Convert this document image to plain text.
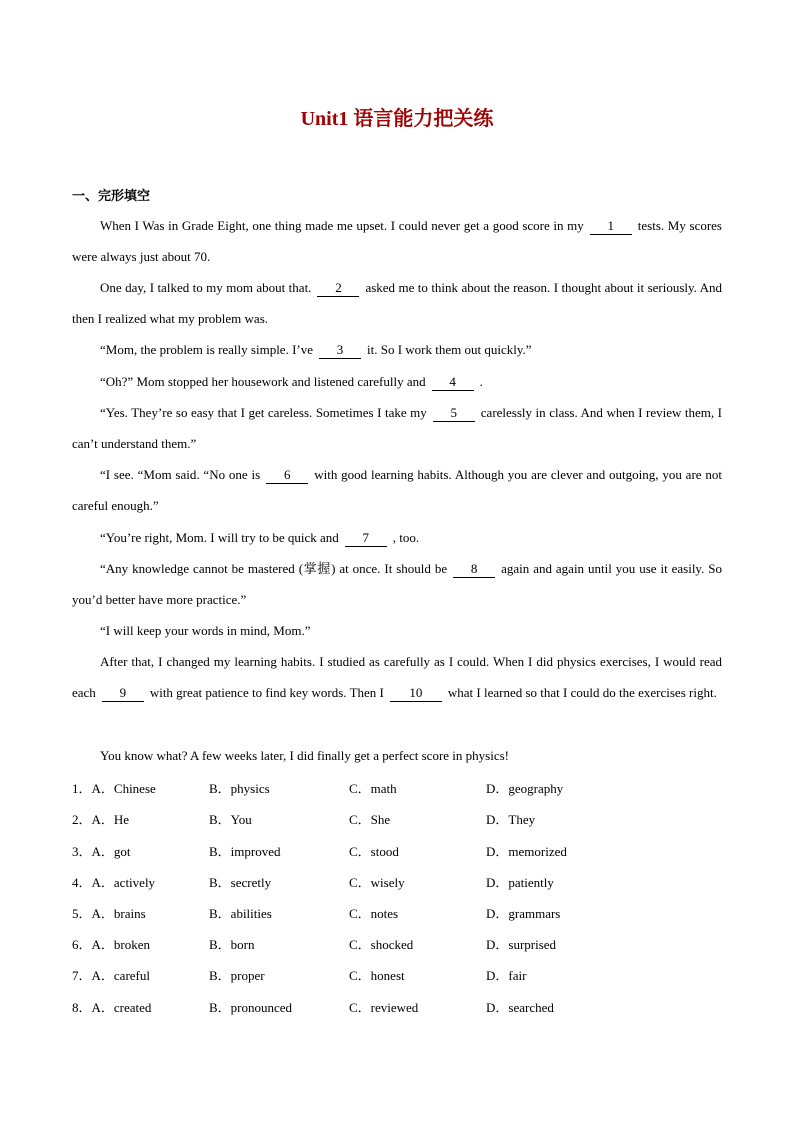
Unit1 语言能力把关练
一、完形填空
When I Was in Grade Eight, one thing made me upset. I could never get a good score in my 1 tests. My scores were always just about 70.
One day, I talked to my mom about that. 2 asked me to think about the reason. I thought about it seriously. And then I realized what my problem was.
“Mom, the problem is really simple. I’ve 3 it. So I work them out quickly.”
“Oh?” Mom stopped her housework and listened carefully and 4 .
“Yes. They’re so easy that I get careless. Sometimes I take my 5 carelessly in class. And when I review them, I can’t understand them.”
“I see. “Mom said. “No one is 6 with good learning habits. Although you are clever and outgoing, you are not careful enough.”
“You’re right, Mom. I will try to be quick and 7 , too.
“Any knowledge cannot be mastered (掌握) at once. It should be 8 again and again until you use it easily. So you’d better have more practice.”
“I will keep your words in mind, Mom.”
After that, I changed my learning habits. I studied as carefully as I could. When I did physics exercises, I would read each 9 with great patience to find key words. Then I 10 what I learned so that I could do the exercises right.
You know what? A few weeks later, I did finally get a perfect score in physics!
1．A．Chinese	B．physics	C．math	D．geography
2．A．He	B．You	C．She	D．They
3．A．got	B．improved	C．stood	D．memorized
4．A．actively	B．secretly	C．wisely	D．patiently
5．A．brains	B．abilities	C．notes	D．grammars
6．A．broken	B．born	C．shocked	D．surprised
7．A．careful	B．proper	C．honest	D．fair
8．A．created	B．pronounced	C．reviewed	D．searched
